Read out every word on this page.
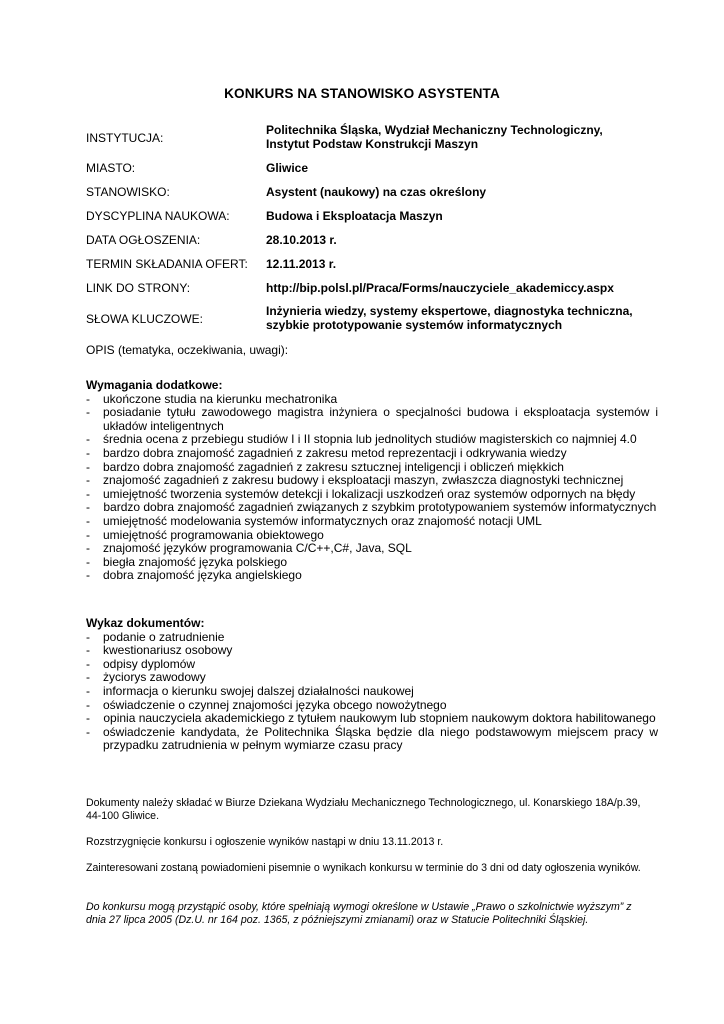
KONKURS NA STANOWISKO ASYSTENTA
INSTYTUCJA:
Politechnika Śląska, Wydział Mechaniczny Technologiczny,
Instytut Podstaw Konstrukcji Maszyn
MIASTO:	Gliwice
STANOWISKO:	Asystent (naukowy) na czas określony
DYSCYPLINA NAUKOWA:	Budowa i Eksploatacja Maszyn
DATA OGŁOSZENIA:	28.10.2013 r.
TERMIN SKŁADANIA OFERT: 12.11.2013 r.
LINK DO STRONY:	http://bip.polsl.pl/Praca/Forms/nauczyciele_akademiccy.aspx
SŁOWA KLUCZOWE:
Inżynieria wiedzy, systemy ekspertowe, diagnostyka techniczna,
szybkie prototypowanie systemów informatycznych
OPIS (tematyka, oczekiwania, uwagi):
Wymagania dodatkowe:
- ukończone studia na kierunku mechatronika
- posiadanie tytułu zawodowego magistra inżyniera o specjalności budowa i eksploatacja systemów i układów inteligentnych
- średnia ocena z przebiegu studiów I i II stopnia lub jednolitych studiów magisterskich co najmniej 4.0
- bardzo dobra znajomość zagadnień z zakresu metod reprezentacji i odkrywania wiedzy
- bardzo dobra znajomość zagadnień z zakresu sztucznej inteligencji i obliczeń miękkich
- znajomość zagadnień z zakresu budowy i eksploatacji maszyn, zwłaszcza diagnostyki technicznej
- umiejętność tworzenia systemów detekcji i lokalizacji uszkodzeń oraz systemów odpornych na błędy
-    bardzo dobra znajomość zagadnień związanych z szybkim prototypowaniem systemów informatycznych
- umiejętność modelowania systemów informatycznych oraz znajomość notacji UML
- umiejętność programowania obiektowego
- znajomość języków programowania C/C++,C#, Java, SQL
- biegła znajomość języka polskiego
- dobra znajomość języka angielskiego
Wykaz dokumentów:
- podanie o zatrudnienie
- kwestionariusz osobowy
- odpisy dyplomów
- życiorys zawodowy
- informacja o kierunku swojej dalszej działalności naukowej
- oświadczenie o czynnej znajomości języka obcego nowożytnego
-    opinia nauczyciela akademickiego z tytułem naukowym lub stopniem naukowym doktora habilitowanego
- oświadczenie kandydata, że Politechnika Śląska będzie dla niego podstawowym miejscem pracy w przypadku zatrudnienia w pełnym wymiarze czasu pracy
Dokumenty należy składać w Biurze Dziekana Wydziału Mechanicznego Technologicznego, ul. Konarskiego 18A/p.39, 44-100 Gliwice.
Rozstrzygnięcie konkursu i ogłoszenie wyników nastąpi w dniu 13.11.2013 r.
Zainteresowani zostaną powiadomieni pisemnie o wynikach konkursu w terminie do 3 dni od daty ogłoszenia wyników.
Do konkursu mogą przystąpić osoby, które spełniają wymogi określone w Ustawie „Prawo o szkolnictwie wyższym” z dnia 27 lipca 2005 (Dz.U. nr 164 poz. 1365, z późniejszymi zmianami) oraz w Statucie Politechniki Śląskiej.
